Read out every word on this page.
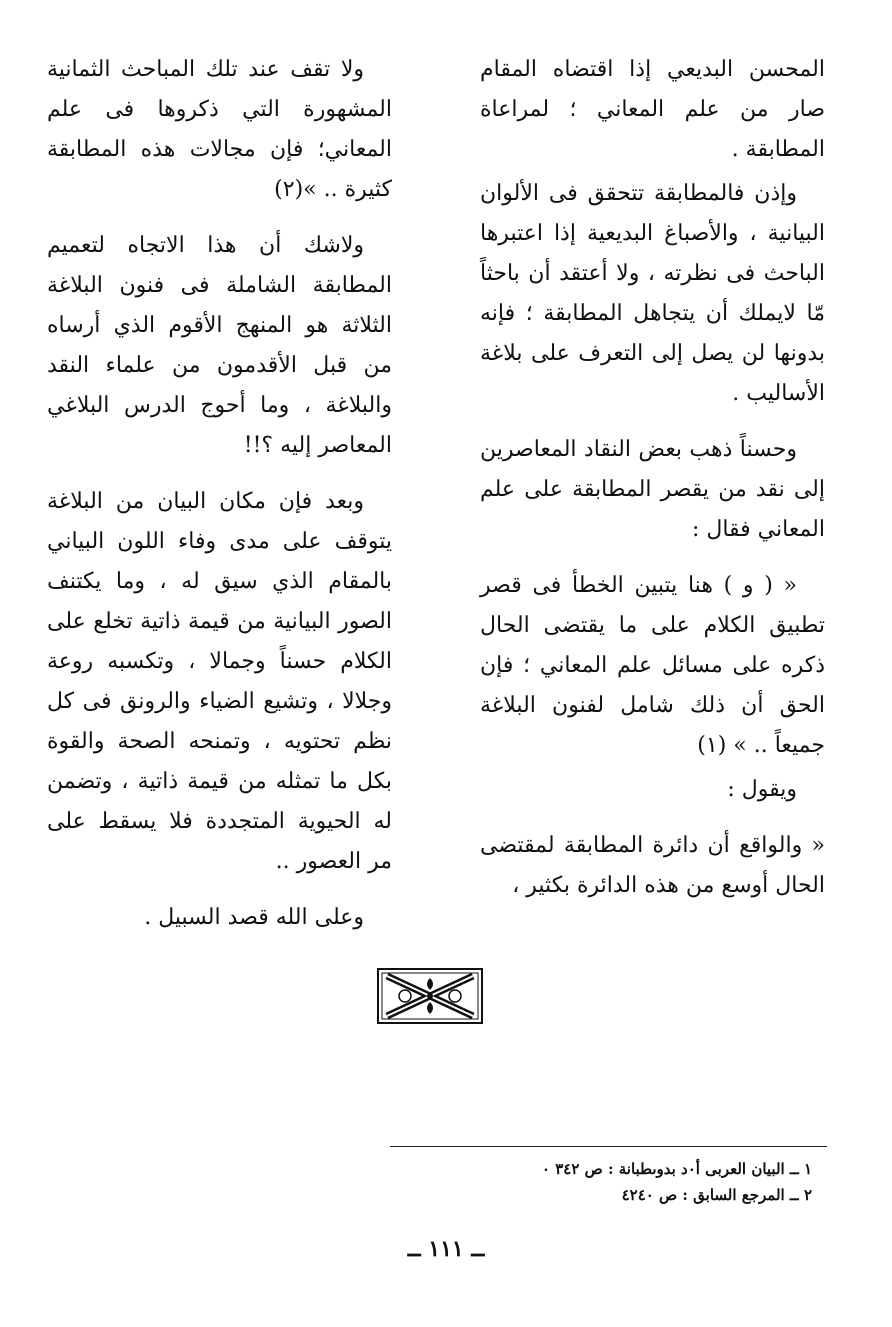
المحسن البديعي إذا اقتضاه المقام صار من علم المعاني ؛ لمراعاة المطابقة .

وإذن فالمطابقة تتحقق فى الألوان البيانية ، والأصباغ البديعية إذا اعتبرها الباحث فى نظرته ، ولا أعتقد أن باحثاً مّا لايملك أن يتجاهل المطابقة ؛ فإنه بدونها لن يصل إلى التعرف على بلاغة الأساليب .

وحسناً ذهب بعض النقاد المعاصرين إلى نقد من يقصر المطابقة على علم المعاني فقال :

« ( و ) هنا يتبين الخطأ فى قصر تطبيق الكلام على ما يقتضى الحال ذكره على مسائل علم المعاني ؛ فإن الحق أن ذلك شامل لفنون البلاغة جميعاً .. » (١)

ويقول :

« والواقع أن دائرة المطابقة لمقتضى الحال أوسع من هذه الدائرة بكثير ،

ولا تقف عند تلك المباحث الثمانية المشهورة التي ذكروها فى علم المعاني؛ فإن مجالات هذه المطابقة كثيرة .. »(٢)

ولاشك أن هذا الاتجاه لتعميم المطابقة الشاملة فى فنون البلاغة الثلاثة هو المنهج الأقوم الذي أرساه من قبل الأقدمون من علماء النقد والبلاغة ، وما أحوج الدرس البلاغي المعاصر إليه ؟!!

وبعد فإن مكان البيان من البلاغة يتوقف على مدى وفاء اللون البياني بالمقام الذي سيق له ، وما يكتنف الصور البيانية من قيمة ذاتية تخلع على الكلام حسناً وجمالا ، وتكسبه روعة وجلالا ، وتشيع الضياء والرونق فى كل نظم تحتويه ، وتمنحه الصحة والقوة بكل ما تمثله من قيمة ذاتية ، وتضمن له الحيوية المتجددة فلا يسقط على مر العصور ..

وعلى الله قصد السبيل .

١ ــ البيان العربى أ٠د بدوىطبانة : ص ٣٤٢ ٠
٢ ــ المرجع السابق : ص ٤٢٤٠
ــ ١١١ ــ
